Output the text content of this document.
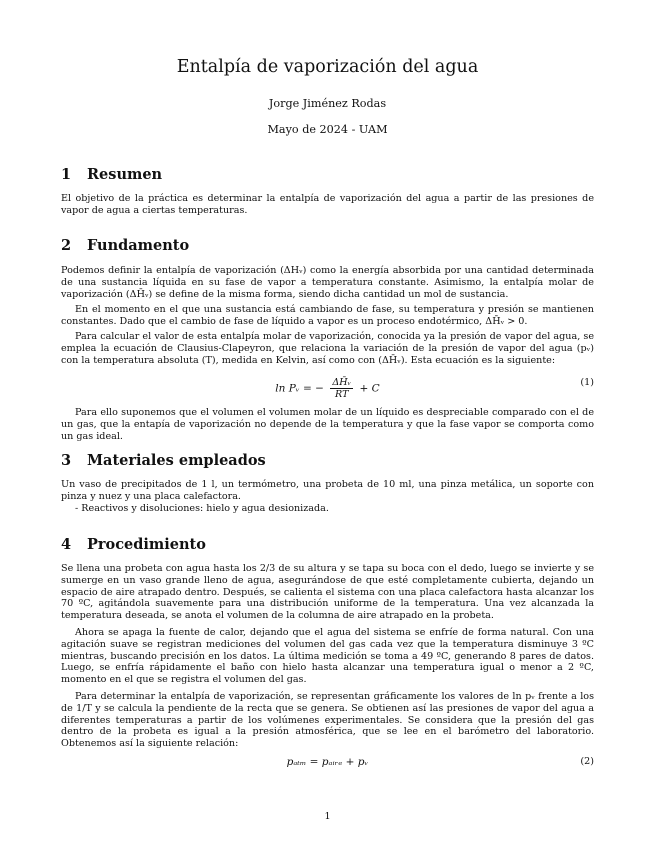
Entalpía de vaporización del agua
Jorge Jiménez Rodas
Mayo de 2024 - UAM
1 Resumen
El objetivo de la práctica es determinar la entalpía de vaporización del agua a partir de las presiones de vapor de agua a ciertas temperaturas.
2 Fundamento
Podemos definir la entalpía de vaporización (ΔHᵥ) como la energía absorbida por una cantidad determinada de una sustancia líquida en su fase de vapor a temperatura constante. Asimismo, la entalpía molar de vaporización (ΔH̄ᵥ) se define de la misma forma, siendo dicha cantidad un mol de sustancia.
En el momento en el que una sustancia está cambiando de fase, su temperatura y presión se mantienen constantes. Dado que el cambio de fase de líquido a vapor es un proceso endotérmico, ΔH̄ᵥ > 0.
Para calcular el valor de esta entalpía molar de vaporización, conocida ya la presión de vapor del agua, se emplea la ecuación de Clausius-Clapeyron, que relaciona la variación de la presión de vapor del agua (pᵥ) con la temperatura absoluta (T), medida en Kelvin, así como con (ΔH̄ᵥ). Esta ecuación es la siguiente:
ln Pᵥ = − $\frac{\text{ΔH̄ᵥ}}{RT} + C$	(1)
Para ello suponemos que el volumen el volumen molar de un líquido es despreciable comparado con el de un gas, que la entapía de vaporización no depende de la temperatura y que la fase vapor se comporta como un gas ideal.
3 Materiales empleados
Un vaso de precipitados de 1 l, un termómetro, una probeta de 10 ml, una pinza metálica, un soporte con pinza y nuez y una placa calefactora.
- Reactivos y disoluciones: hielo y agua desionizada.
4 Procedimiento
Se llena una probeta con agua hasta los 2/3 de su altura y se tapa su boca con el dedo, luego se invierte y se sumerge en un vaso grande lleno de agua, asegurándose de que esté completamente cubierta, dejando un espacio de aire atrapado dentro. Después, se calienta el sistema con una placa calefactora hasta alcanzar los 70 ºC, agitándola suavemente para una distribución uniforme de la temperatura. Una vez alcanzada la temperatura deseada, se anota el volumen de la columna de aire atrapado en la probeta.
Ahora se apaga la fuente de calor, dejando que el agua del sistema se enfríe de forma natural. Con una agitación suave se registran mediciones del volumen del gas cada vez que la temperatura disminuye 3 ºC mientras, buscando precisión en los datos. La última medición se toma a 49 ºC, generando 8 pares de datos. Luego, se enfría rápidamente el baño con hielo hasta alcanzar una temperatura igual o menor a 2 ºC, momento en el que se registra el volumen del gas.
Para determinar la entalpía de vaporización, se representan gráficamente los valores de ln pᵥ frente a los de 1/T y se calcula la pendiente de la recta que se genera. Se obtienen así las presiones de vapor del agua a diferentes temperaturas a partir de los volúmenes experimentales. Se considera que la presión del gas dentro de la probeta es igual a la presión atmosférica, que se lee en el barómetro del laboratorio. Obtenemos así la siguiente relación:
pₐₜₘ = pₐᵢᵣₑ + pᵥ	(2)
1
